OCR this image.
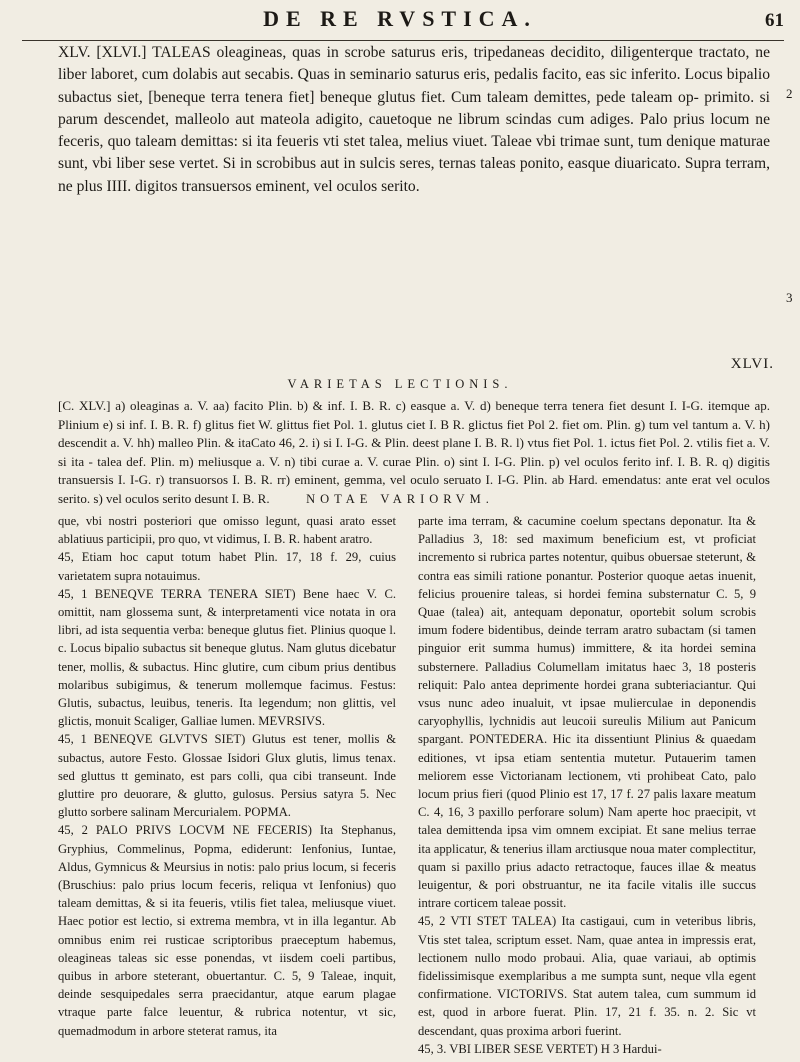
DE RE RVSTICA.	61

XLV. [XLVI.] TALEAS oleagineas, quas in scrobe saturus eris, tripedaneas decidito, diligenterque tractato, ne liber laboret, cum dolabis aut secabis. Quas in seminario saturus eris, pedalis facito, eas sic inferito. Locus bipalio subactus siet, [beneque terra tenera fiet] beneque glutus fiet. Cum taleam demittes, pede taleam op- primito. si parum descendet, malleolo aut mateola adigito, cauetoque ne librum scindas cum adiges. Palo prius locum ne feceris, quo taleam demittas: si ita feueris vti stet talea, melius viuet. Taleae vbi trimae sunt, tum denique maturae sunt, vbi liber sese vertet. Si in scrobibus aut in sulcis seres, ternas taleas ponito, easque diuaricato. Supra terram, ne plus IIII. digitos transuersos eminent, vel oculos serito.

2
3
XLVI.
VARIETAS LECTIONIS.
[C. XLV.] a) oleaginas a. V. aa) facito Plin. b) & inf. I. B. R. c) easque a. V. d) beneque terra tenera fiet desunt I. I-G. itemque ap. Plinium e) si inf. I. B. R. f) glitus fiet W. glittus fiet Pol. 1. glutus ciet I. B R. glictus fiet Pol 2. fiet om. Plin. g) tum vel tantum a. V. h) descendit a. V. hh) malleo Plin. & itaCato 46, 2. i) si I. I-G. & Plin. deest plane I. B. R. l) vtus fiet Pol. 1. ictus fiet Pol. 2. vtilis fiet a. V. si ita - talea def. Plin. m) meliusque a. V. n) tibi curae a. V. curae Plin. o) sint I. I-G. Plin. p) vel oculos ferito inf. I. B. R. q) digitis transuersis I. I-G. r) transuorsos I. B. R. rr) eminent, gemma, vel oculo seruato I. I-G. Plin. ab Hard. emendatus: ante erat vel oculos serito. s) vel oculos serito desunt I. B. R.	NOTAE VARIORVM.

que, vbi nostri posteriori que omisso legunt, quasi arato esset ablatiuus participii, pro quo, vt vidimus, I. B. R. habent aratro.

45, Etiam hoc caput totum habet Plin. 17, 18 f. 29, cuius varietatem supra notauimus.

45, 1 BENEQVE TERRA TENERA SIET) Bene haec V. C. omittit, nam glossema sunt, & interpretamenti vice notata in ora libri, ad ista sequentia verba: beneque glutus fiet. Plinius quoque l. c. Locus bipalio subactus sit beneque glutus. Nam glutus dicebatur tener, mollis, & subactus. Hinc glutire, cum cibum prius dentibus molaribus subigimus, & tenerum mollemque facimus. Festus: Glutis, subactus, leuibus, teneris. Ita legendum; non glittis, vel glictis, monuit Scaliger, Galliae lumen. MEVRSIVS.

45, 1 BENEQVE GLVTVS SIET) Glutus est tener, mollis & subactus, autore Festo. Glossae Isidori Glux glutis, limus tenax. sed gluttus tt geminato, est pars colli, qua cibi transeunt. Inde gluttire pro deuorare, & glutto, gulosus. Persius satyra 5. Nec glutto sorbere salinam Mercurialem. POPMA.

45, 2 PALO PRIVS LOCVM NE FECERIS) Ita Stephanus, Gryphius, Commelinus, Popma, ediderunt: Ienfonius, Iuntae, Aldus, Gymnicus & Meursius in notis: palo prius locum, si feceris (Bruschius: palo prius locum feceris, reliqua vt Ienfonius) quo taleam demittas, & si ita feueris, vtilis fiet talea, meliusque viuet. Haec potior est lectio, si extrema membra, vt in illa legantur. Ab omnibus enim rei rusticae scriptoribus praeceptum habemus, oleagineas taleas sic esse ponendas, vt iisdem coeli partibus, quibus in arbore steterant, obuertantur. C. 5, 9 Taleae, inquit, deinde sesquipedales serra praecidantur, atque earum plagae vtraque parte falce leuentur, & rubrica notentur, vt sic, quemadmodum in arbore steterat ramus, ita

parte ima terram, & cacumine coelum spectans deponatur. Ita & Palladius 3, 18: sed maximum beneficium est, vt proficiat incremento si rubrica partes notentur, quibus obuersae steterunt, & contra eas simili ratione ponantur. Posterior quoque aetas inuenit, felicius prouenire taleas, si hordei femina substernatur C. 5, 9 Quae (talea) ait, antequam deponatur, oportebit solum scrobis imum fodere bidentibus, deinde terram aratro subactam (si tamen pinguior erit summa humus) immittere, & ita hordei semina substernere. Palladius Columellam imitatus haec 3, 18 posteris reliquit: Palo antea deprimente hordei grana subteriaciantur. Qui vsus nunc adeo inualuit, vt ipsae mulierculae in deponendis caryophyllis, lychnidis aut leucoii sureulis Milium aut Panicum spargant. PONTEDERA. Hic ita dissentiunt Plinius & quaedam editiones, vt ipsa etiam sententia mutetur. Putauerim tamen meliorem esse Victorianam lectionem, vti prohibeat Cato, palo locum prius fieri (quod Plinio est 17, 17 f. 27 palis laxare meatum C. 4, 16, 3 paxillo perforare solum) Nam aperte hoc praecipit, vt talea demittenda ipsa vim omnem excipiat. Et sane melius terrae ita applicatur, & tenerius illam arctiusque noua mater complectitur, quam si paxillo prius adacto retractoque, fauces illae & meatus leuigentur, & pori obstruantur, ne ita facile vitalis ille succus intrare corticem taleae possit.

45, 2 VTI STET TALEA) Ita castigaui, cum in veteribus libris, Vtis stet talea, scriptum esset. Nam, quae antea in impressis erat, lectionem nullo modo probaui. Alia, quae variaui, ab optimis fidelissimisque exemplaribus a me sumpta sunt, neque vlla egent confirmatione. VICTORIVS. Stat autem talea, cum summum id est, quod in arbore fuerat. Plin. 17, 21 f. 35. n. 2. Sic vt descendant, quas proxima arbori fuerint.

45, 3. VBI LIBER SESE VERTET) H 3 Hardui-
